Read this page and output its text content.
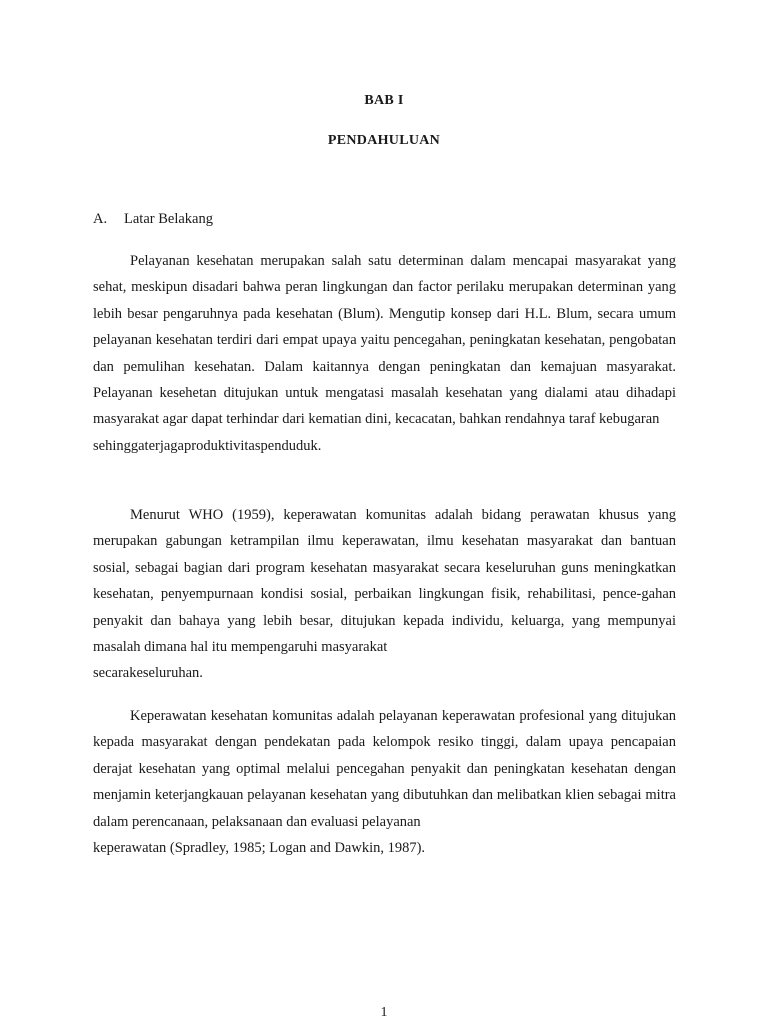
BAB I
PENDAHULUAN
A. Latar Belakang

Pelayanan kesehatan merupakan salah satu determinan dalam mencapai masyarakat yang sehat, meskipun disadari bahwa peran lingkungan dan factor perilaku merupakan determinan yang lebih besar pengaruhnya pada kesehatan (Blum). Mengutip konsep dari H.L. Blum, secara umum pelayanan kesehatan terdiri dari empat upaya yaitu pencegahan, peningkatan kesehatan, pengobatan dan pemulihan kesehatan. Dalam kaitannya dengan peningkatan dan kemajuan masyarakat. Pelayanan kesehetan ditujukan untuk mengatasi masalah kesehatan yang dialami atau dihadapi masyarakat agar dapat terhindar dari kematian dini, kecacatan, bahkan rendahnya taraf kebugaran
sehinggaterjagaproduktivitaspenduduk.

Menurut WHO (1959), keperawatan komunitas adalah bidang perawatan khusus yang merupakan gabungan ketrampilan ilmu keperawatan, ilmu kesehatan masyarakat dan bantuan sosial, sebagai bagian dari program kesehatan masyarakat secara keseluruhan guns meningkatkan kesehatan, penyempurnaan kondisi sosial, perbaikan lingkungan fisik, rehabilitasi, pence-gahan penyakit dan bahaya yang lebih besar, ditujukan kepada individu, keluarga, yang mempunyai masalah dimana hal itu mempengaruhi masyarakat
secarakeseluruhan.

Keperawatan kesehatan komunitas adalah pelayanan keperawatan profesional yang ditujukan kepada masyarakat dengan pendekatan pada kelompok resiko tinggi, dalam upaya pencapaian derajat kesehatan yang optimal melalui pencegahan penyakit dan peningkatan kesehatan dengan menjamin keterjangkauan pelayanan kesehatan yang dibutuhkan dan melibatkan klien sebagai mitra dalam perencanaan, pelaksanaan dan evaluasi pelayanan
keperawatan (Spradley, 1985; Logan and Dawkin, 1987).

1
